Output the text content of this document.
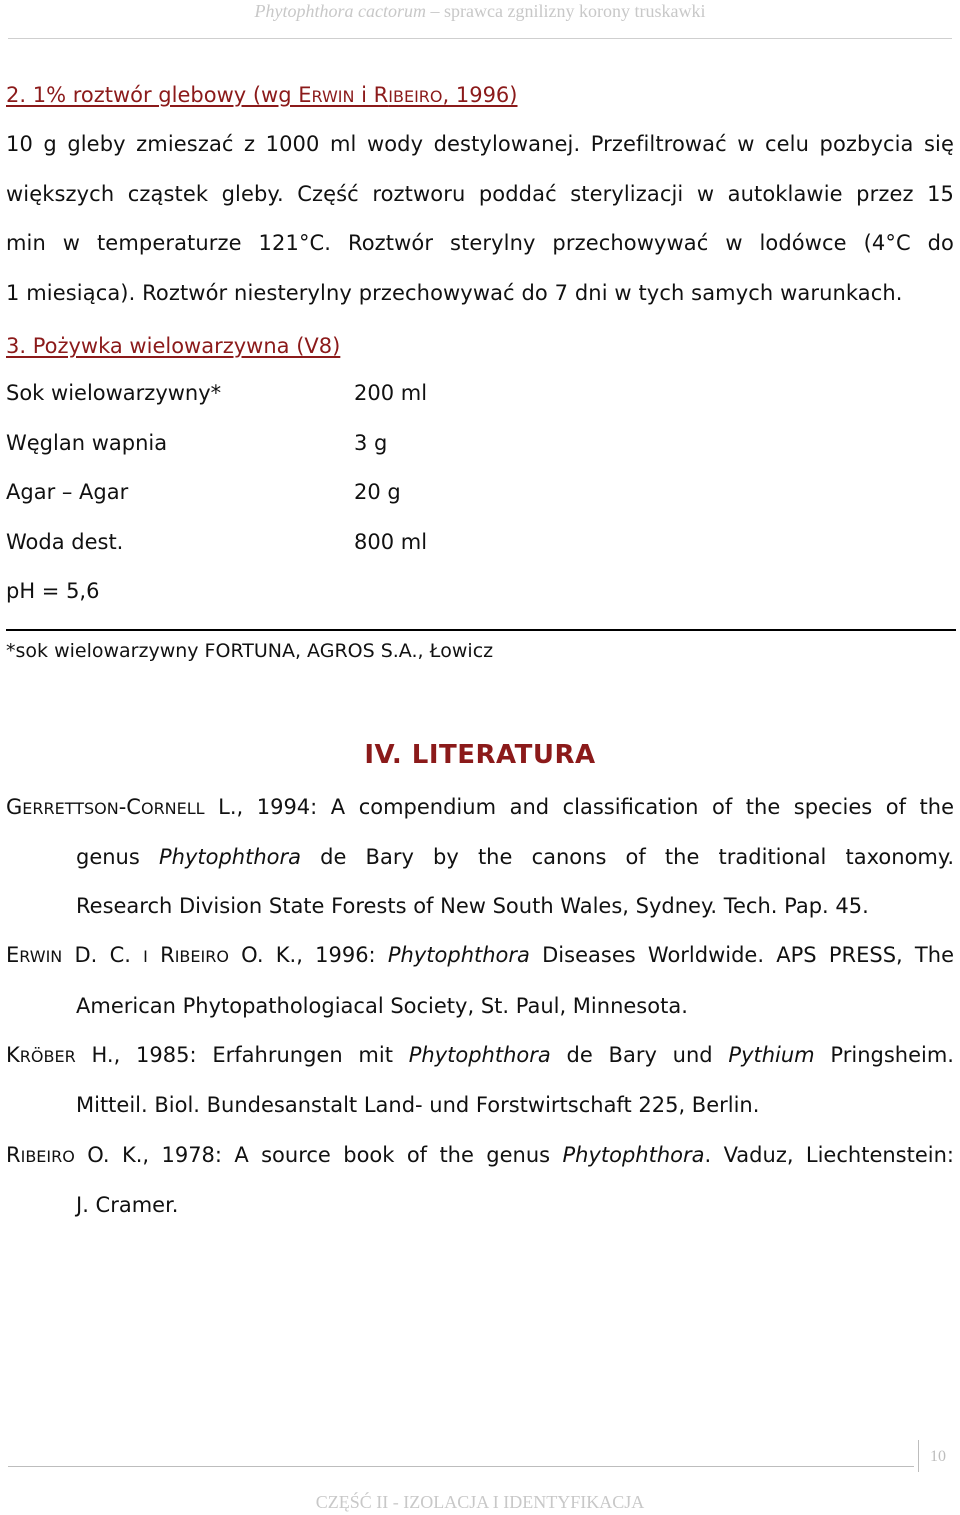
Phytophthora cactorum – sprawca zgnilizny korony truskawki
2. 1% roztwór glebowy (wg ERWIN i RIBEIRO, 1996)

10 g gleby zmieszać z 1000 ml wody destylowanej. Przefiltrować w celu pozbycia się
większych cząstek gleby. Część roztworu poddać sterylizacji w autoklawie przez 15
min w temperaturze 121°C. Roztwór sterylny przechowywać w lodówce (4°C do
1 miesiąca). Roztwór niesterylny przechowywać do 7 dni w tych samych warunkach.

3. Pożywka wielowarzywna (V8)
Sok wielowarzywny*	200 ml
Węglan wapnia	3 g
Agar – Agar	20 g
Woda dest.	800 ml
pH = 5,6
*sok wielowarzywny FORTUNA, AGROS S.A., Łowicz
IV. LITERATURA
GERRETTSON-CORNELL L., 1994: A compendium and classification of the species of the
genus Phytophthora de Bary by the canons of the traditional taxonomy.
Research Division State Forests of New South Wales, Sydney. Tech. Pap. 45.
ERWIN D. C. I RIBEIRO O. K., 1996: Phytophthora Diseases Worldwide. APS PRESS, The
American Phytopathologiacal Society, St. Paul, Minnesota.
KRÖBER H., 1985: Erfahrungen mit Phytophthora de Bary und Pythium Pringsheim.
Mitteil. Biol. Bundesanstalt Land- und Forstwirtschaft 225, Berlin.
RIBEIRO O. K., 1978: A source book of the genus Phytophthora. Vaduz, Liechtenstein:
J. Cramer.
10
CZĘŚĆ II - IZOLACJA I IDENTYFIKACJA
